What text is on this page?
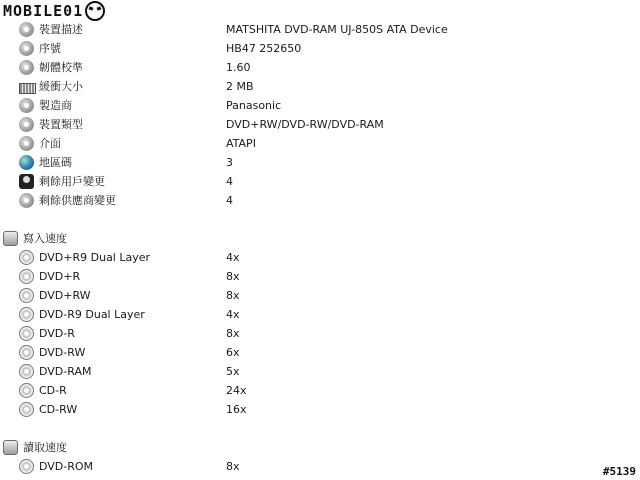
MOBILE01
裝置描述	MATSHITA DVD-RAM UJ-850S ATA Device
序號	HB47 252650
韌體校準	1.60
緩衝大小	2 MB
製造商	Panasonic
裝置類型	DVD+RW/DVD-RW/DVD-RAM
介面	ATAPI
地區碼	3
剩餘用戶變更	4
剩餘供應商變更	4
寫入速度
DVD+R9 Dual Layer	4x
DVD+R	8x
DVD+RW	8x
DVD-R9 Dual Layer	4x
DVD-R	8x
DVD-RW	6x
DVD-RAM	5x
CD-R	24x
CD-RW	16x
讀取速度
DVD-ROM	8x	#5139
